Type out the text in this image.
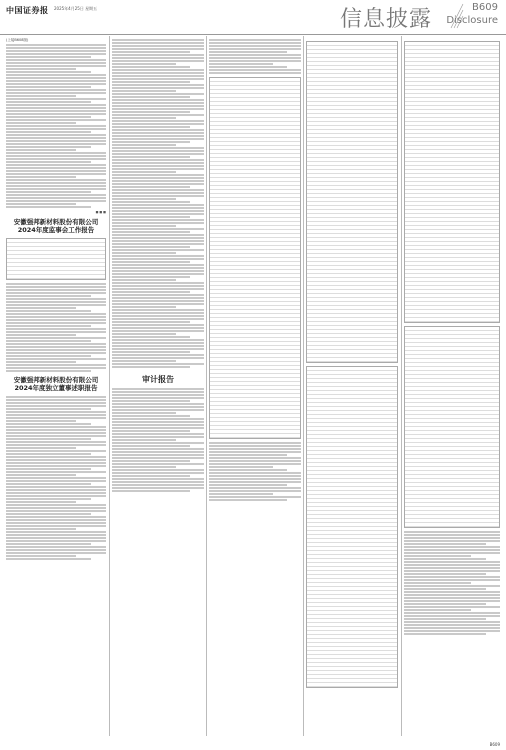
中国证券报 2025年4月25日 星期五	信息披露	B609
Disclosure
(上接B608版)
■ ■ ■
安徽强邦新材料股份有限公司
2024年度监事会工作报告
安徽强邦新材料股份有限公司
2024年度独立董事述职报告
审计报告
B609
